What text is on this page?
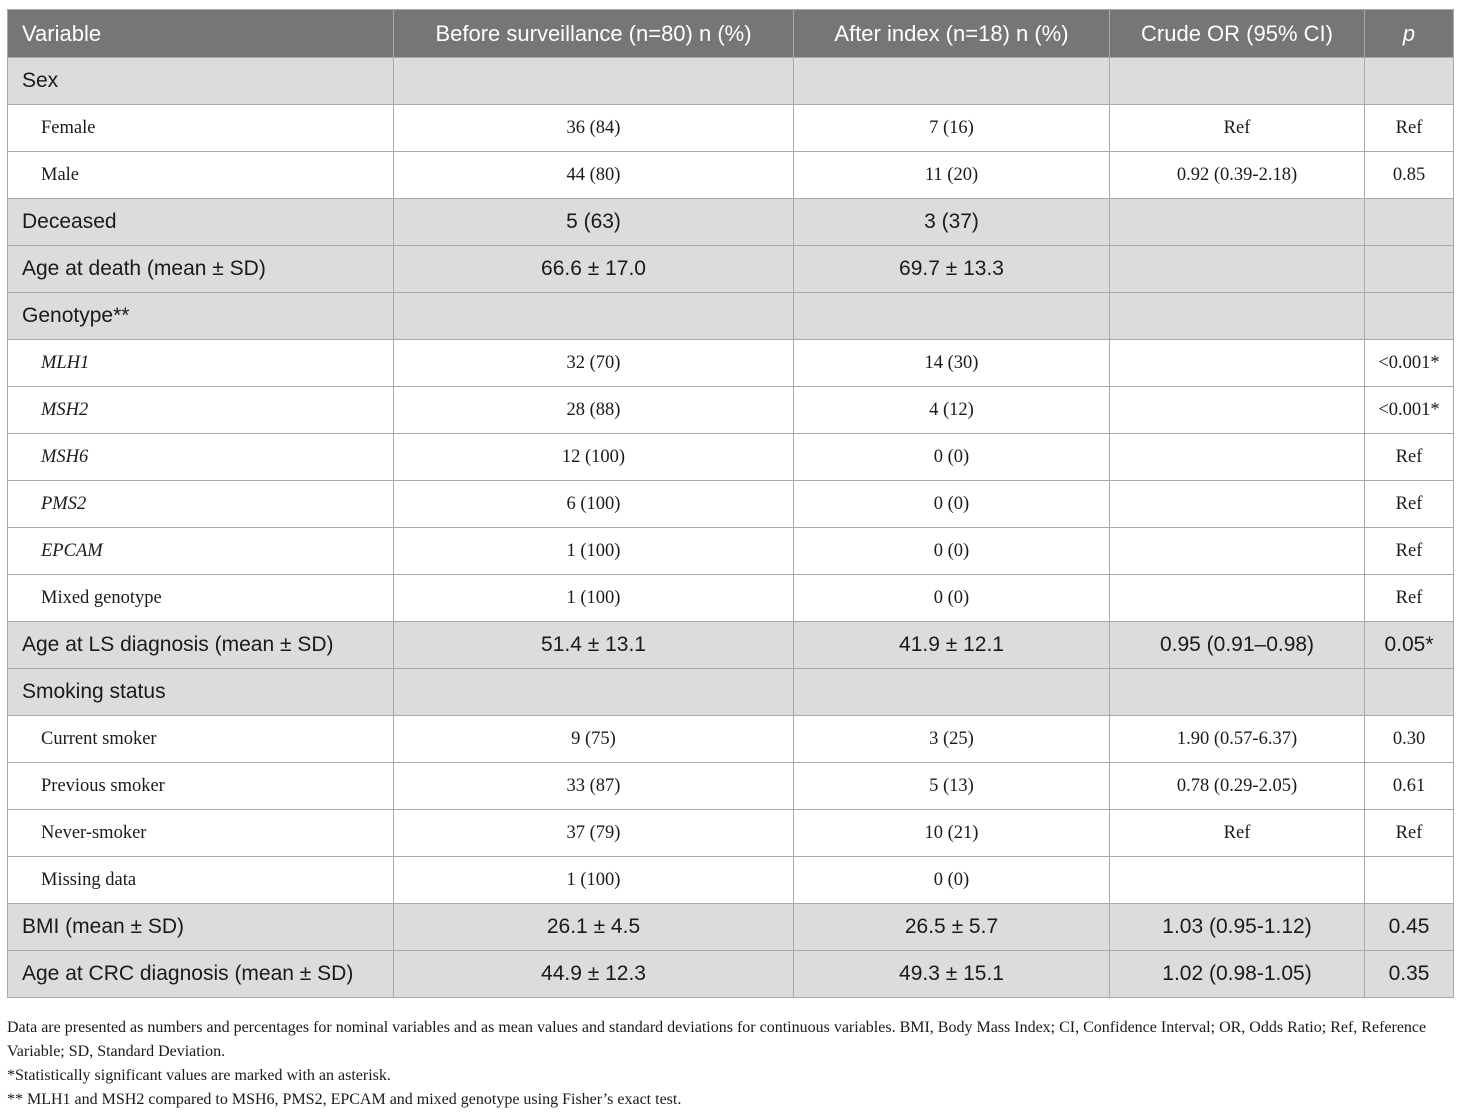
Variable	Before surveillance (n=80) n (%)	After index (n=18) n (%)	Crude OR (95% CI)	p
Sex				
Female	36 (84)	7 (16)	Ref	Ref
Male	44 (80)	11 (20)	0.92 (0.39-2.18)	0.85
Deceased	5 (63)	3 (37)		
Age at death (mean ± SD)	66.6 ± 17.0	69.7 ± 13.3		
Genotype**				
MLH1	32 (70)	14 (30)		<0.001*
MSH2	28 (88)	4 (12)		<0.001*
MSH6	12 (100)	0 (0)		Ref
PMS2	6 (100)	0 (0)		Ref
EPCAM	1 (100)	0 (0)		Ref
Mixed genotype	1 (100)	0 (0)		Ref
Age at LS diagnosis (mean ± SD)	51.4 ± 13.1	41.9 ± 12.1	0.95 (0.91–0.98)	0.05*
Smoking status				
Current smoker	9 (75)	3 (25)	1.90 (0.57-6.37)	0.30
Previous smoker	33 (87)	5 (13)	0.78 (0.29-2.05)	0.61
Never-smoker	37 (79)	10 (21)	Ref	Ref
Missing data	1 (100)	0 (0)		
BMI (mean ± SD)	26.1 ± 4.5	26.5 ± 5.7	1.03 (0.95-1.12)	0.45
Age at CRC diagnosis (mean ± SD)	44.9 ± 12.3	49.3 ± 15.1	1.02 (0.98-1.05)	0.35

Data are presented as numbers and percentages for nominal variables and as mean values and standard deviations for continuous variables. BMI, Body Mass Index; CI, Confidence Interval; OR, Odds Ratio; Ref, Reference Variable; SD, Standard Deviation.

*Statistically significant values are marked with an asterisk.

** MLH1 and MSH2 compared to MSH6, PMS2, EPCAM and mixed genotype using Fisher’s exact test.
